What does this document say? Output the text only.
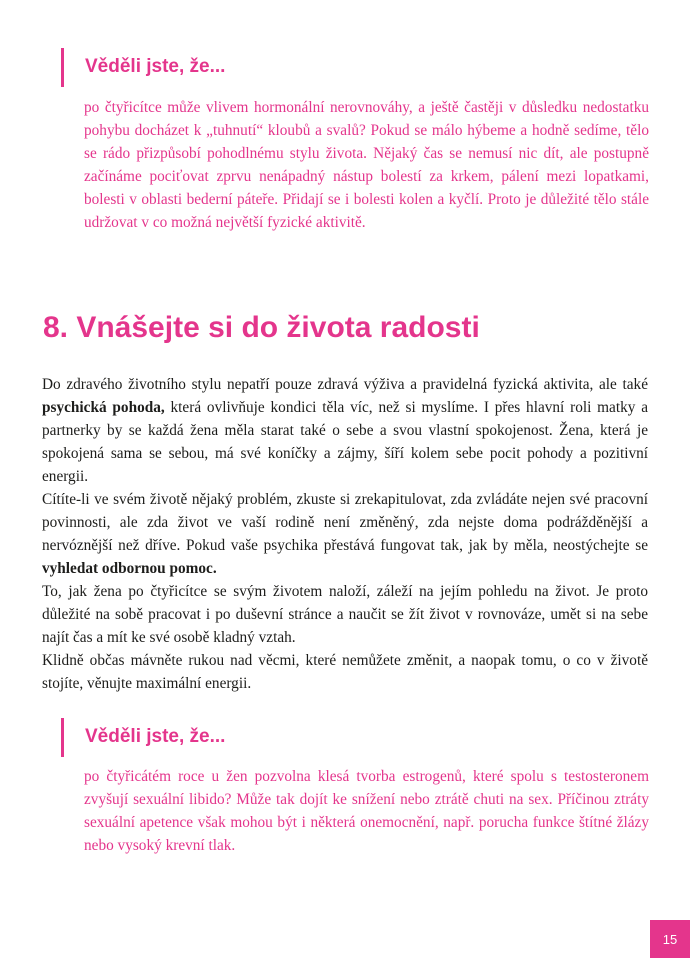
Věděli jste, že...

po čtyřicítce může vlivem hormonální nerovnováhy, a ještě častěji v důsledku nedostatku pohybu docházet k „tuhnutí“ kloubů a svalů? Pokud se málo hýbeme a hodně sedíme, tělo se rádo přizpůsobí pohodlnému stylu života. Nějaký čas se nemusí nic dít, ale postupně začínáme pociťovat zprvu nenápadný nástup bolestí za krkem, pálení mezi lopatkami, bolesti v oblasti bederní páteře. Přidají se i bolesti kolen a kyčlí. Proto je důležité tělo stále udržovat v co možná největší fyzické aktivitě.

8. Vnášejte si do života radosti

Do zdravého životního stylu nepatří pouze zdravá výživa a pravidelná fyzická aktivita, ale také psychická pohoda, která ovlivňuje kondici těla víc, než si myslíme. I přes hlavní roli matky a partnerky by se každá žena měla starat také o sebe a svou vlastní spokojenost. Žena, která je spokojená sama se sebou, má své koníčky a zájmy, šíří kolem sebe pocit pohody a pozitivní energii.

Cítíte-li ve svém životě nějaký problém, zkuste si zrekapitulovat, zda zvládáte nejen své pracovní povinnosti, ale zda život ve vaší rodině není změněný, zda nejste doma podrážděnější a nervóznější než dříve. Pokud vaše psychika přestává fungovat tak, jak by měla, neostýchejte se vyhledat odbornou pomoc.

To, jak žena po čtyřicítce se svým životem naloží, záleží na jejím pohledu na život. Je proto důležité na sobě pracovat i po duševní stránce a naučit se žít život v rovnováze, umět si na sebe najít čas a mít ke své osobě kladný vztah.

Klidně občas mávněte rukou nad věcmi, které nemůžete změnit, a naopak tomu, o co v životě stojíte, věnujte maximální energii.

Věděli jste, že...

po čtyřicátém roce u žen pozvolna klesá tvorba estrogenů, které spolu s testosteronem zvyšují sexuální libido? Může tak dojít ke snížení nebo ztrátě chuti na sex. Příčinou ztráty sexuální apetence však mohou být i některá onemocnění, např. porucha funkce štítné žlázy nebo vysoký krevní tlak.

15
